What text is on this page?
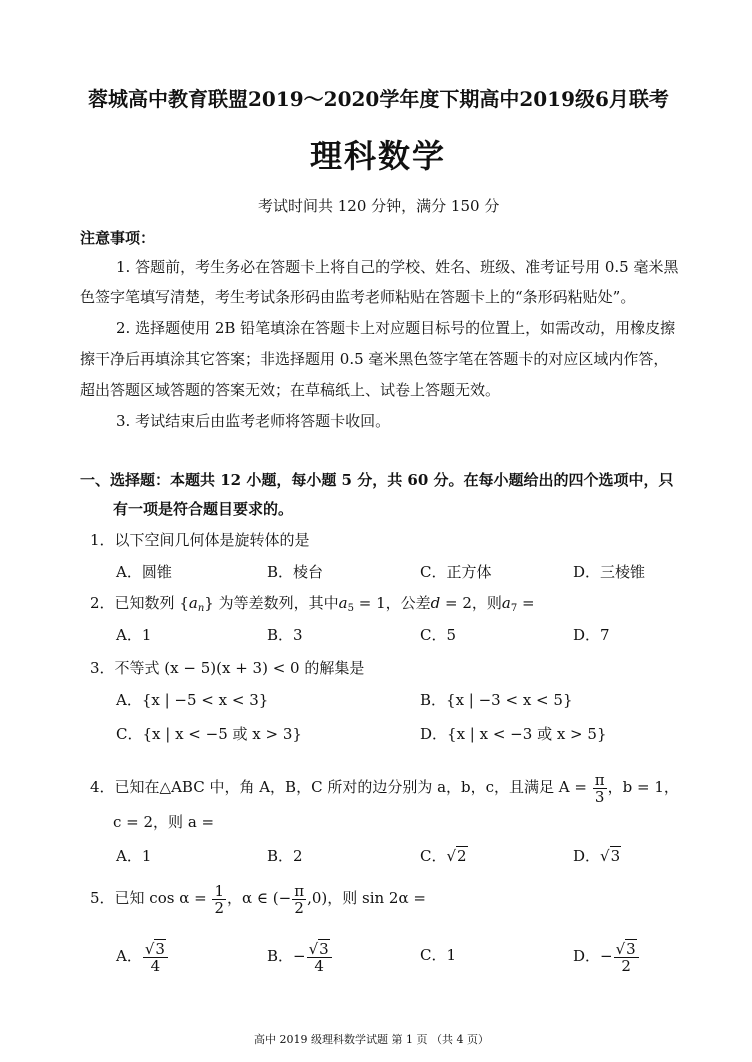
蓉城高中教育联盟2019～2020学年度下期高中2019级6月联考
理科数学
考试时间共 120 分钟，满分 150 分
注意事项：
1. 答题前，考生务必在答题卡上将自己的学校、姓名、班级、准考证号用 0.5 毫米黑
色签字笔填写清楚，考生考试条形码由监考老师粘贴在答题卡上的“条形码粘贴处”。
2. 选择题使用 2B 铅笔填涂在答题卡上对应题目标号的位置上，如需改动，用橡皮擦
擦干净后再填涂其它答案；非选择题用 0.5 毫米黑色签字笔在答题卡的对应区域内作答，
超出答题区域答题的答案无效；在草稿纸上、试卷上答题无效。
3. 考试结束后由监考老师将答题卡收回。
一、选择题：本题共 12 小题，每小题 5 分，共 60 分。在每小题给出的四个选项中，只
有一项是符合题目要求的。
1．以下空间几何体是旋转体的是
A．圆锥	B．棱台	C．正方体	D．三棱锥
2．已知数列 $\{a_n\}$ 为等差数列，其中$a_5 = 1$，公差d = 2，则$a_7$ =
A．1	B．3	C．5	D．7
3．不等式 (x − 5)(x + 3) < 0 的解集是
A．{x | −5 < x < 3}	B．{x | −3 < x < 5}
C．{x | x < −5 或 x > 3}	D．{x | x < −3 或 x > 5}
4．已知在△ABC 中，角 A，B，C 所对的边分别为 a，b，c，且满足 $A = \frac{\pi}{3}$ ，b = 1，
c = 2，则 a =
A．1	B．2	C．√2	D．√3
5．已知 $\cos \alpha = \frac{1}{2}$ ，α ∈ (− $\frac{\pi}{2} ,0$)，则 sin 2α =
A． $\frac{√3}{4}$	B．− $\frac{√3}{4}$	C．1	D．− $\frac{√3}{2}$
高中 2019 级理科数学试题 第 1 页 （共 4 页）
